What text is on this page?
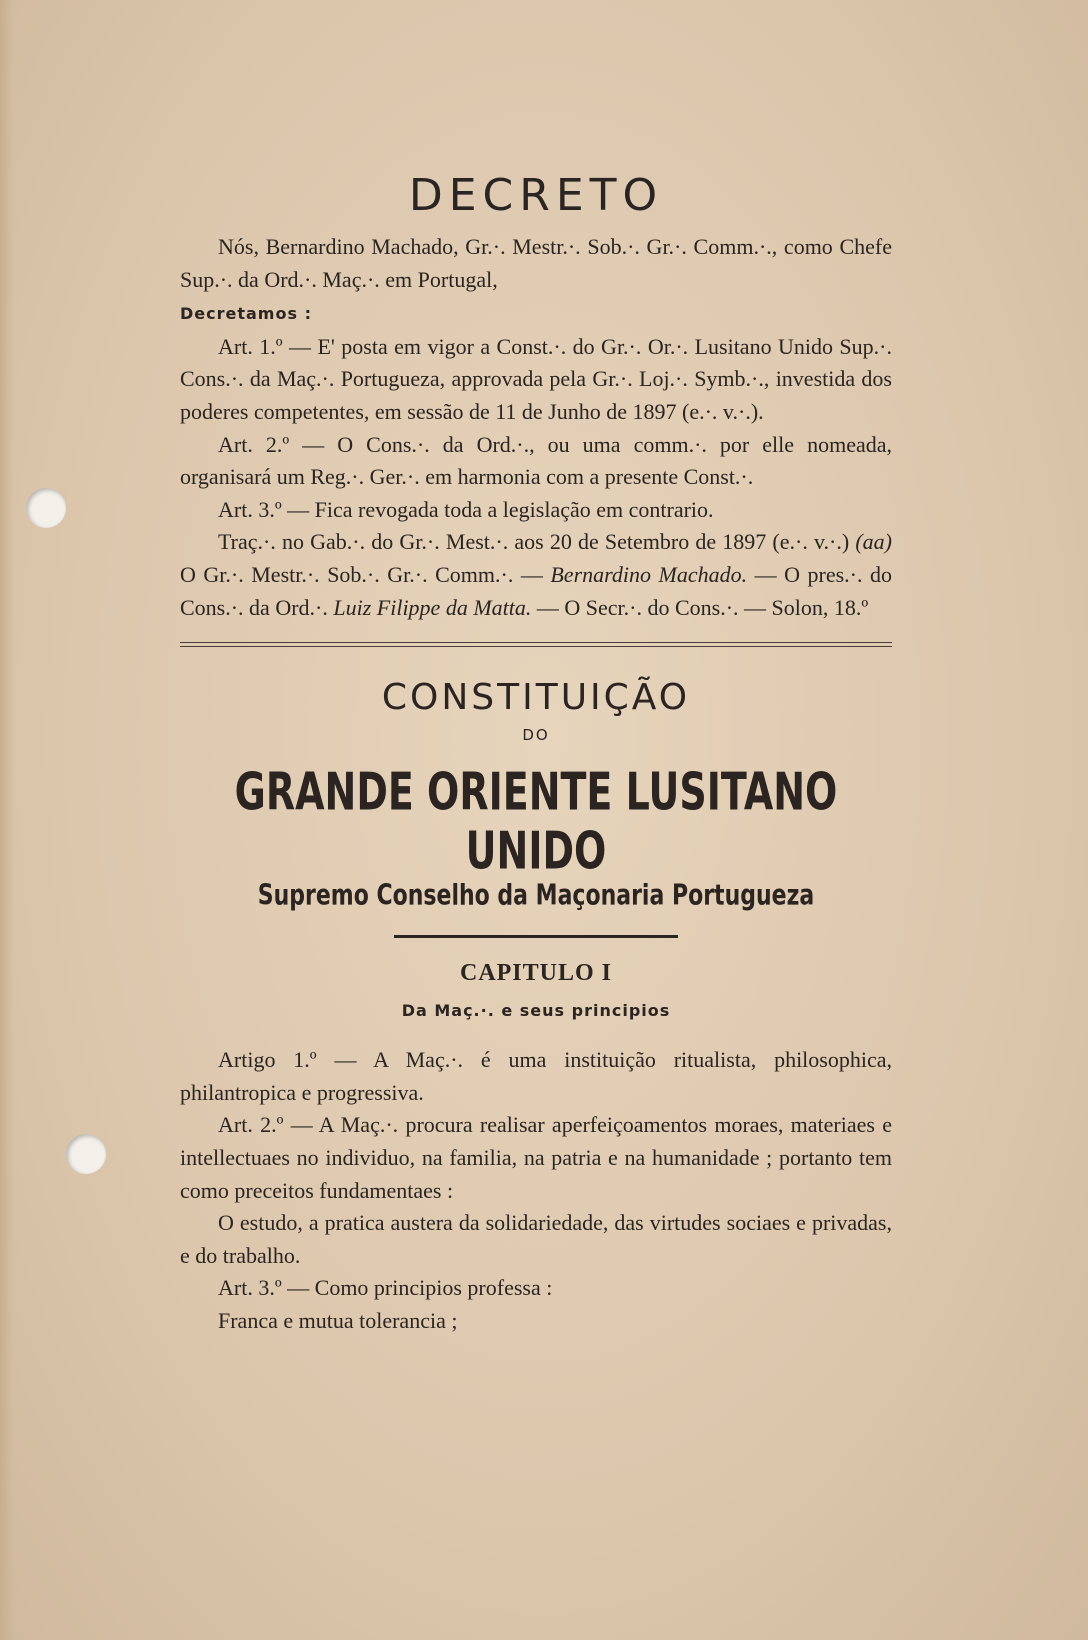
DECRETO

Nós, Bernardino Machado, Gr.·. Mestr.·. Sob.·. Gr.·. Comm.·., como Chefe Sup.·. da Ord.·. Maç.·. em Portugal,

Decretamos :

Art. 1.º — E' posta em vigor a Const.·. do Gr.·. Or.·. Lusitano Unido Sup.·. Cons.·. da Maç.·. Portugueza, approvada pela Gr.·. Loj.·. Symb.·., investida dos poderes competentes, em sessão de 11 de Junho de 1897 (e.·. v.·.).

Art. 2.º — O Cons.·. da Ord.·., ou uma comm.·. por elle nomeada, organisará um Reg.·. Ger.·. em harmonia com a presente Const.·.

Art. 3.º — Fica revogada toda a legislação em contrario.

Traç.·. no Gab.·. do Gr.·. Mest.·. aos 20 de Setembro de 1897 (e.·. v.·.) (aa) O Gr.·. Mestr.·. Sob.·. Gr.·. Comm.·. — Bernardino Machado. — O pres.·. do Cons.·. da Ord.·. Luiz Filippe da Matta. — O Secr.·. do Cons.·. — Solon, 18.º

CONSTITUIÇÃO
DO
GRANDE ORIENTE LUSITANO UNIDO
Supremo Conselho da Maçonaria Portugueza
CAPITULO I
Da Maç.·. e seus principios

Artigo 1.º — A Maç.·. é uma instituição ritualista, philosophica, philantropica e progressiva.

Art. 2.º — A Maç.·. procura realisar aperfeiçoamentos moraes, materiaes e intellectuaes no individuo, na familia, na patria e na humanidade ; portanto tem como preceitos fundamentaes :

O estudo, a pratica austera da solidariedade, das virtudes sociaes e privadas, e do trabalho.

Art. 3.º — Como principios professa :

Franca e mutua tolerancia ;
